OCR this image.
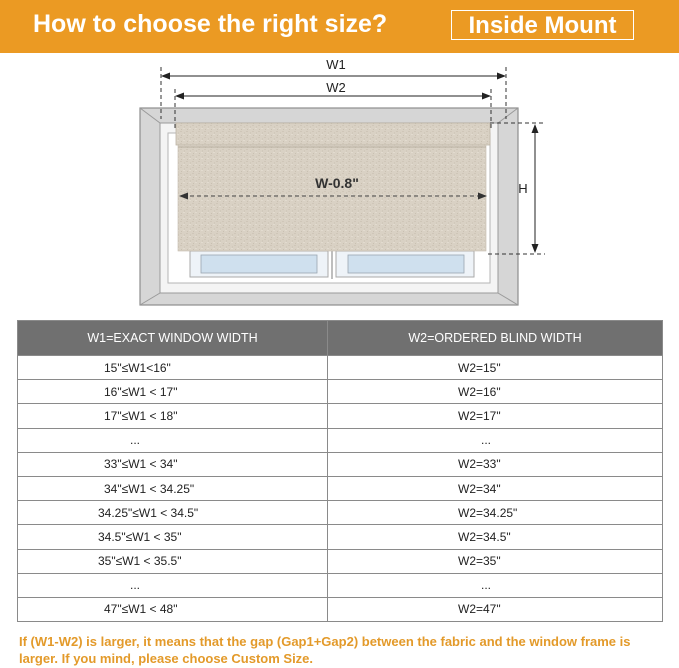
How to choose the right size?	Inside Mount
W1
W2
W-0.8"	H
W1=EXACT WINDOW WIDTH	W2=ORDERED BLIND WIDTH
15"≤W1<16"	W2=15"
16"≤W1 < 17"	W2=16"
17"≤W1 < 18"	W2=17"
...	...
33"≤W1 < 34"	W2=33"
34"≤W1 < 34.25"	W2=34"
34.25"≤W1 < 34.5"	W2=34.25"
34.5"≤W1 < 35"	W2=34.5"
35"≤W1 < 35.5"	W2=35"
...	...
47"≤W1 < 48"	W2=47"
If (W1-W2) is larger, it means that the gap (Gap1+Gap2) between the fabric and the window frame is larger. If you mind, please choose Custom Size.
